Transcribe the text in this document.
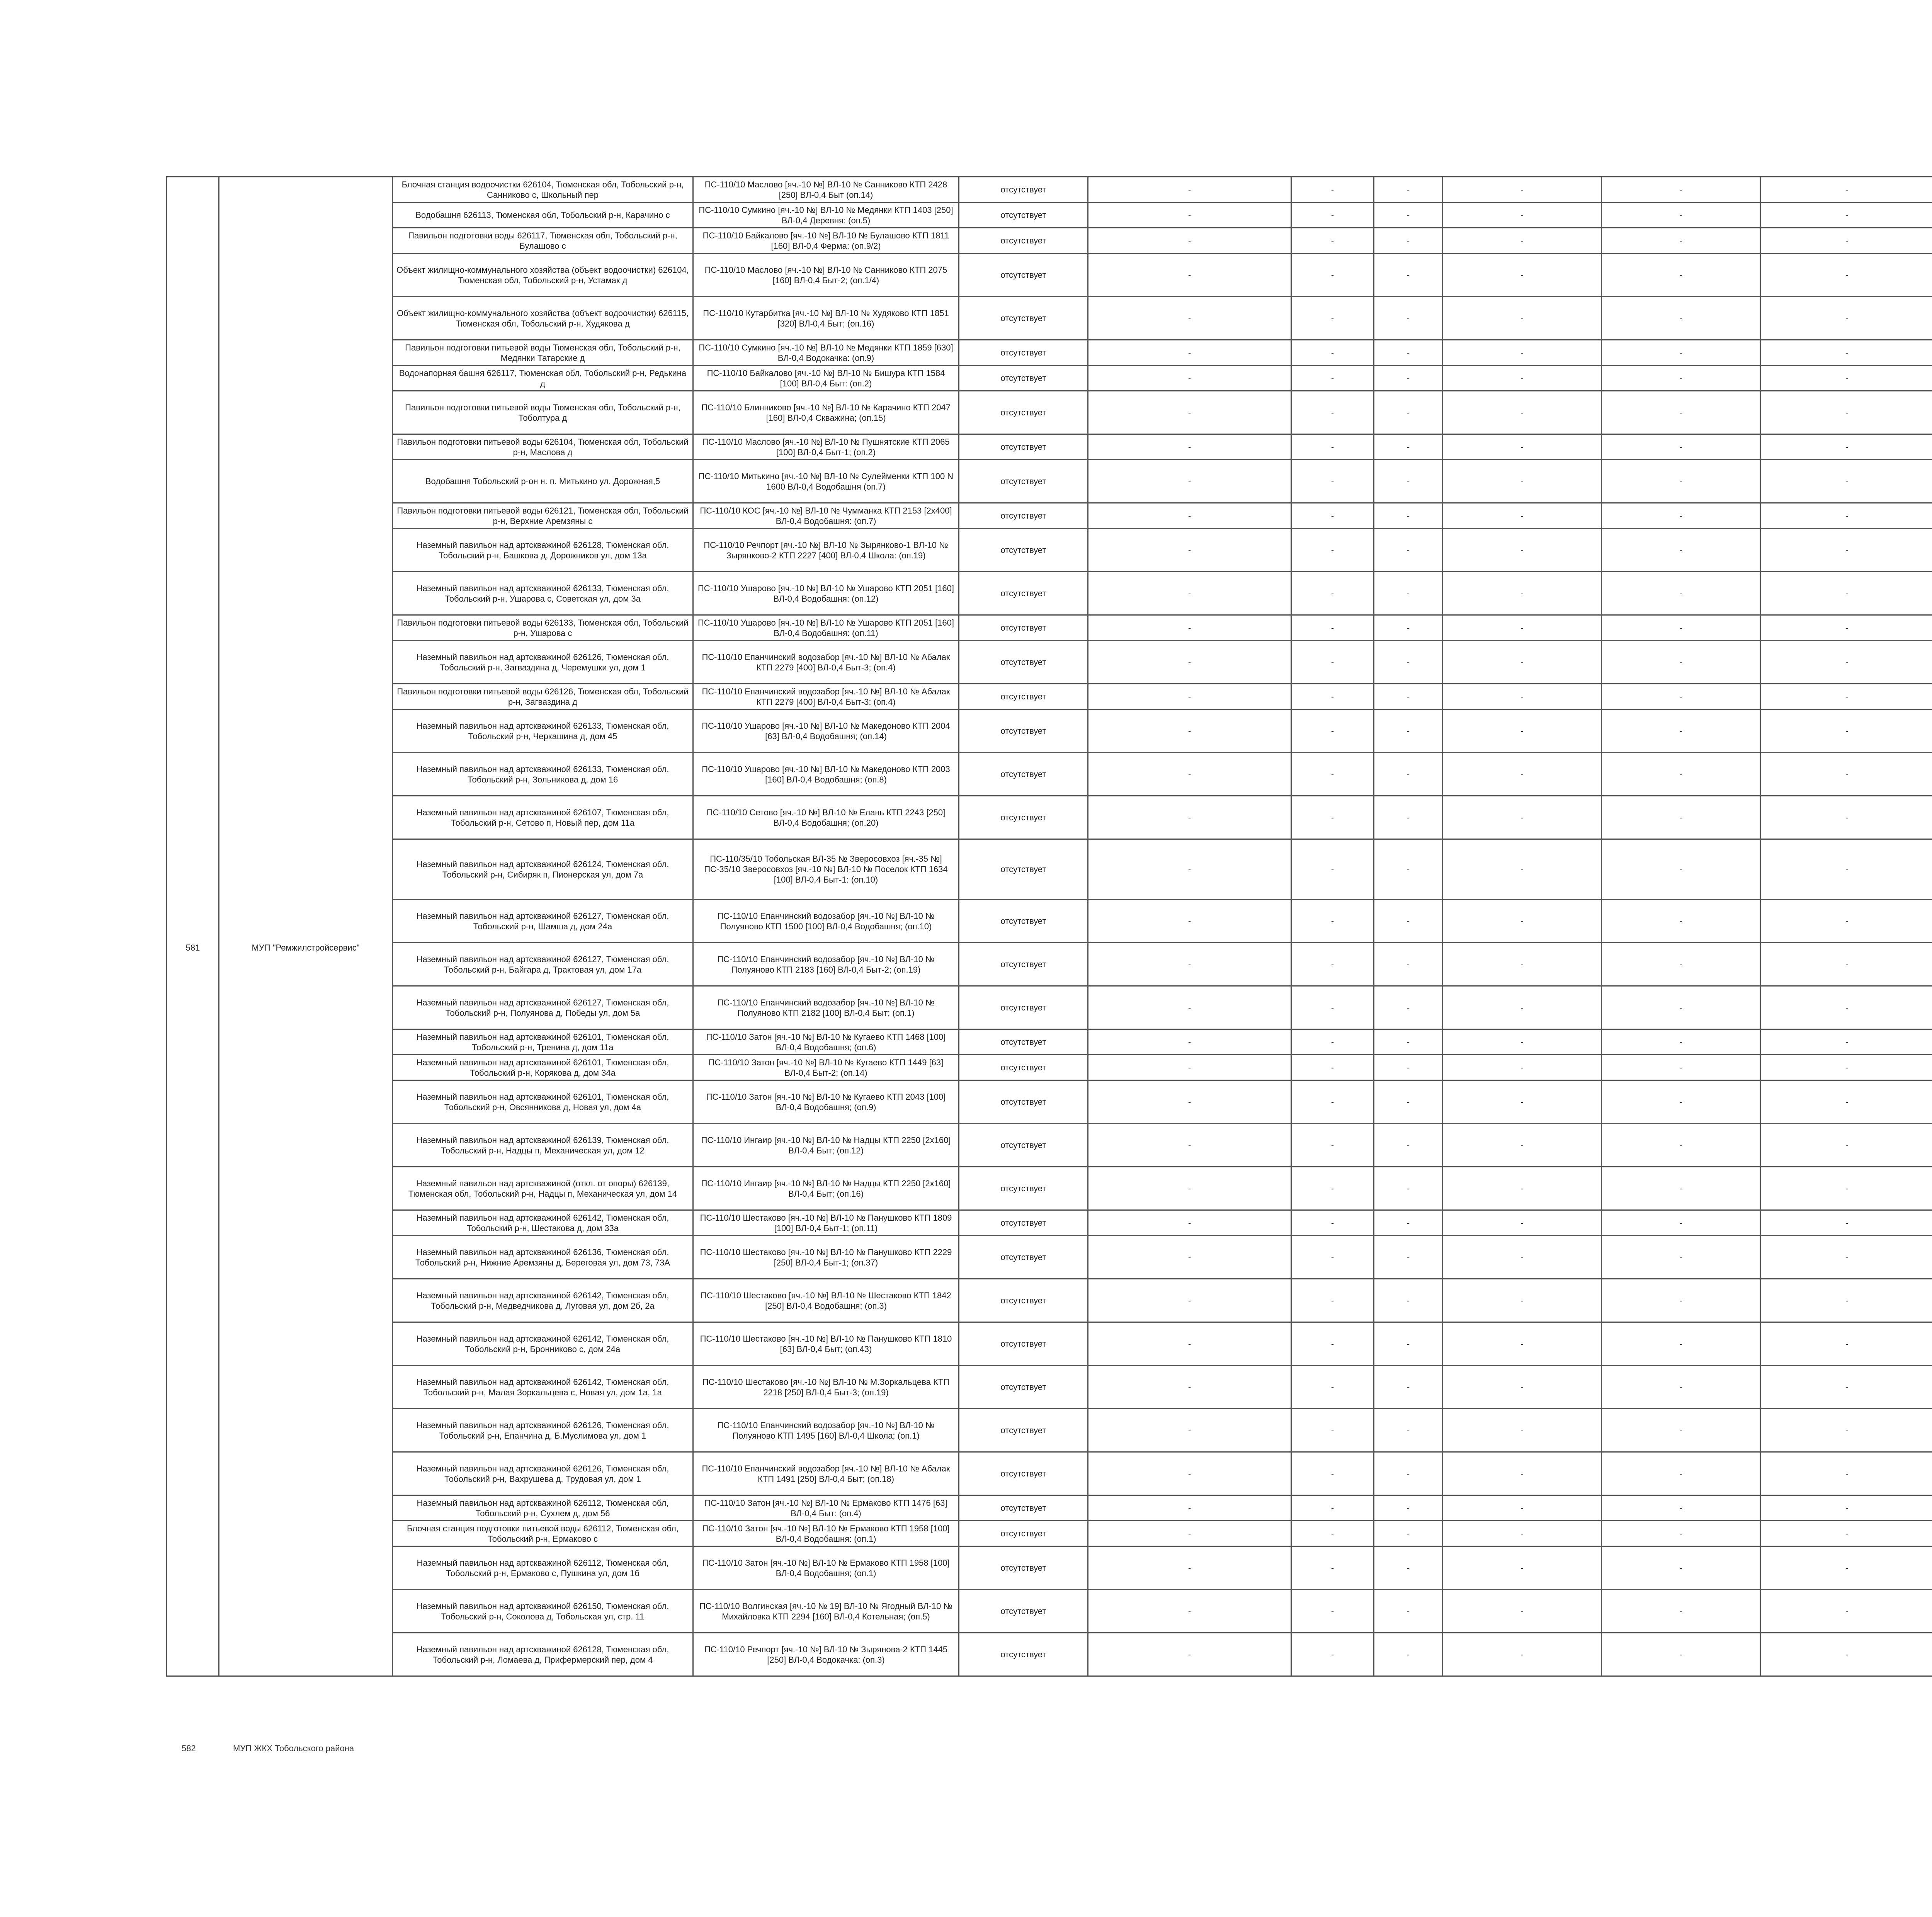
581	МУП "Ремжилстройсервис"	Блочная станция водоочистки 626104, Тюменская обл, Тобольский р-н, Санниково с, Школьный пер	ПС-110/10 Маслово [яч.-10 №] ВЛ-10 № Санниково КТП 2428 [250] ВЛ-0,4 Быт (оп.14)	отсутствует	-	-	-	-	-	-
		Водобашня 626113, Тюменская обл, Тобольский р-н, Карачино с	ПС-110/10 Сумкино [яч.-10 №] ВЛ-10 № Медянки КТП 1403 [250] ВЛ-0,4 Деревня: (оп.5)	отсутствует	-	-	-	-	-	-
		Павильон подготовки воды 626117, Тюменская обл, Тобольский р-н, Булашово с	ПС-110/10 Байкалово [яч.-10 №] ВЛ-10 № Булашово КТП 1811 [160] ВЛ-0,4 Ферма: (оп.9/2)	отсутствует	-	-	-	-	-	-
		Объект жилищно-коммунального хозяйства (объект водоочистки) 626104, Тюменская обл, Тобольский р-н, Устамак д	ПС-110/10 Маслово [яч.-10 №] ВЛ-10 № Санниково КТП 2075 [160] ВЛ-0,4 Быт-2; (оп.1/4)	отсутствует	-	-	-	-	-	-
		Объект жилищно-коммунального хозяйства (объект водоочистки) 626115, Тюменская обл, Тобольский р-н, Худякова д	ПС-110/10 Кутарбитка [яч.-10 №] ВЛ-10 № Худяково КТП 1851 [320] ВЛ-0,4 Быт; (оп.16)	отсутствует	-	-	-	-	-	-
		Павильон подготовки питьевой воды Тюменская обл, Тобольский р-н, Медянки Татарские д	ПС-110/10 Сумкино [яч.-10 №] ВЛ-10 № Медянки КТП 1859 [630] ВЛ-0,4 Водокачка: (оп.9)	отсутствует	-	-	-	-	-	-
		Водонапорная башня 626117, Тюменская обл, Тобольский р-н, Редькина д	ПС-110/10 Байкалово [яч.-10 №] ВЛ-10 № Бишура КТП 1584 [100] ВЛ-0,4 Быт: (оп.2)	отсутствует	-	-	-	-	-	-
		Павильон подготовки питьевой воды Тюменская обл, Тобольский р-н, Тоболтура д	ПС-110/10 Блинниково [яч.-10 №] ВЛ-10 № Карачино КТП 2047 [160] ВЛ-0,4 Скважина; (оп.15)	отсутствует	-	-	-	-	-	-
		Павильон подготовки питьевой воды 626104, Тюменская обл, Тобольский р-н, Маслова д	ПС-110/10 Маслово [яч.-10 №] ВЛ-10 № Пушнятские КТП 2065 [100] ВЛ-0,4 Быт-1; (оп.2)	отсутствует	-	-	-	-	-	-
		Водобашня Тобольский р-он н. п. Митькино ул. Дорожная,5	ПС-110/10 Митькино [яч.-10 №] ВЛ-10 № Сулейменки КТП 100 N 1600 ВЛ-0,4 Водобашня (оп.7)	отсутствует	-	-	-	-	-	-
		Павильон подготовки питьевой воды 626121, Тюменская обл, Тобольский р-н, Верхние Аремзяны с	ПС-110/10 КОС [яч.-10 №] ВЛ-10 № Чумманка КТП 2153 [2х400] ВЛ-0,4 Водобашня: (оп.7)	отсутствует	-	-	-	-	-	-
		Наземный павильон над артскважиной 626128, Тюменская обл, Тобольский р-н, Башкова д, Дорожников ул, дом 13а	ПС-110/10 Речпорт [яч.-10 №] ВЛ-10 № Зырянково-1 ВЛ-10 № Зырянково-2 КТП 2227 [400] ВЛ-0,4 Школа: (оп.19)	отсутствует	-	-	-	-	-	-
		Наземный павильон над артскважиной 626133, Тюменская обл, Тобольский р-н, Ушарова с, Советская ул, дом 3а	ПС-110/10 Ушарово [яч.-10 №] ВЛ-10 № Ушарово КТП 2051 [160] ВЛ-0,4 Водобашня: (оп.12)	отсутствует	-	-	-	-	-	-
		Павильон подготовки питьевой воды 626133, Тюменская обл, Тобольский р-н, Ушарова с	ПС-110/10 Ушарово [яч.-10 №] ВЛ-10 № Ушарово КТП 2051 [160] ВЛ-0,4 Водобашня: (оп.11)	отсутствует	-	-	-	-	-	-
		Наземный павильон над артскважиной 626126, Тюменская обл, Тобольский р-н, Загваздина д, Черемушки ул, дом 1	ПС-110/10 Епанчинский водозабор [яч.-10 №] ВЛ-10 № Абалак КТП 2279 [400] ВЛ-0,4 Быт-3; (оп.4)	отсутствует	-	-	-	-	-	-
		Павильон подготовки питьевой воды 626126, Тюменская обл, Тобольский р-н, Загваздина д	ПС-110/10 Епанчинский водозабор [яч.-10 №] ВЛ-10 № Абалак КТП 2279 [400] ВЛ-0,4 Быт-3; (оп.4)	отсутствует	-	-	-	-	-	-
		Наземный павильон над артскважиной 626133, Тюменская обл, Тобольский р-н, Черкашина д, дом 45	ПС-110/10 Ушарово [яч.-10 №] ВЛ-10 № Македоново КТП 2004 [63] ВЛ-0,4 Водобашня; (оп.14)	отсутствует	-	-	-	-	-	-
		Наземный павильон над артскважиной 626133, Тюменская обл, Тобольский р-н, Зольникова д, дом 16	ПС-110/10 Ушарово [яч.-10 №] ВЛ-10 № Македоново КТП 2003 [160] ВЛ-0,4 Водобашня; (оп.8)	отсутствует	-	-	-	-	-	-
		Наземный павильон над артскважиной 626107, Тюменская обл, Тобольский р-н, Сетово п, Новый пер, дом 11а	ПС-110/10 Сетово [яч.-10 №] ВЛ-10 № Елань КТП 2243 [250] ВЛ-0,4 Водобашня; (оп.20)	отсутствует	-	-	-	-	-	-
		Наземный павильон над артскважиной 626124, Тюменская обл, Тобольский р-н, Сибиряк п, Пионерская ул, дом 7а	ПС-110/35/10 Тобольская ВЛ-35 № Зверосовхоз [яч.-35 №] ПС-35/10 Зверосовхоз [яч.-10 №] ВЛ-10 № Поселок КТП 1634 [100] ВЛ-0,4 Быт-1: (оп.10)	отсутствует	-	-	-	-	-	-
		Наземный павильон над артскважиной 626127, Тюменская обл, Тобольский р-н, Шамша д, дом 24а	ПС-110/10 Епанчинский водозабор [яч.-10 №] ВЛ-10 № Полуяново КТП 1500 [100] ВЛ-0,4 Водобашня; (оп.10)	отсутствует	-	-	-	-	-	-
		Наземный павильон над артскважиной 626127, Тюменская обл, Тобольский р-н, Байгара д, Трактовая ул, дом 17а	ПС-110/10 Епанчинский водозабор [яч.-10 №] ВЛ-10 № Полуяново КТП 2183 [160] ВЛ-0,4 Быт-2; (оп.19)	отсутствует	-	-	-	-	-	-
		Наземный павильон над артскважиной 626127, Тюменская обл, Тобольский р-н, Полуянова д, Победы ул, дом 5а	ПС-110/10 Епанчинский водозабор [яч.-10 №] ВЛ-10 № Полуяново КТП 2182 [100] ВЛ-0,4 Быт; (оп.1)	отсутствует	-	-	-	-	-	-
		Наземный павильон над артскважиной 626101, Тюменская обл, Тобольский р-н, Тренина д, дом 11а	ПС-110/10 Затон [яч.-10 №] ВЛ-10 № Кугаево КТП 1468 [100] ВЛ-0,4 Водобашня; (оп.6)	отсутствует	-	-	-	-	-	-
		Наземный павильон над артскважиной 626101, Тюменская обл, Тобольский р-н, Корякова д, дом 34а	ПС-110/10 Затон [яч.-10 №] ВЛ-10 № Кугаево КТП 1449 [63] ВЛ-0,4 Быт-2; (оп.14)	отсутствует	-	-	-	-	-	-
		Наземный павильон над артскважиной 626101, Тюменская обл, Тобольский р-н, Овсянникова д, Новая ул, дом 4а	ПС-110/10 Затон [яч.-10 №] ВЛ-10 № Кугаево КТП 2043 [100] ВЛ-0,4 Водобашня; (оп.9)	отсутствует	-	-	-	-	-	-
		Наземный павильон над артскважиной 626139, Тюменская обл, Тобольский р-н, Надцы п, Механическая ул, дом 12	ПС-110/10 Ингаир [яч.-10 №] ВЛ-10 № Надцы КТП 2250 [2х160] ВЛ-0,4 Быт; (оп.12)	отсутствует	-	-	-	-	-	-
		Наземный павильон над артскважиной (откл. от опоры) 626139, Тюменская обл, Тобольский р-н, Надцы п, Механическая ул, дом 14	ПС-110/10 Ингаир [яч.-10 №] ВЛ-10 № Надцы КТП 2250 [2х160] ВЛ-0,4 Быт; (оп.16)	отсутствует	-	-	-	-	-	-
		Наземный павильон над артскважиной 626142, Тюменская обл, Тобольский р-н, Шестакова д, дом 33а	ПС-110/10 Шестаково [яч.-10 №] ВЛ-10 № Панушково КТП 1809 [100] ВЛ-0,4 Быт-1; (оп.11)	отсутствует	-	-	-	-	-	-
		Наземный павильон над артскважиной 626136, Тюменская обл, Тобольский р-н, Нижние Аремзяны д, Береговая ул, дом 73, 73А	ПС-110/10 Шестаково [яч.-10 №] ВЛ-10 № Панушково КТП 2229 [250] ВЛ-0,4 Быт-1; (оп.37)	отсутствует	-	-	-	-	-	-
		Наземный павильон над артскважиной 626142, Тюменская обл, Тобольский р-н, Медведчикова д, Луговая ул, дом 2б, 2а	ПС-110/10 Шестаково [яч.-10 №] ВЛ-10 № Шестаково КТП 1842 [250] ВЛ-0,4 Водобашня; (оп.3)	отсутствует	-	-	-	-	-	-
		Наземный павильон над артскважиной 626142, Тюменская обл, Тобольский р-н, Бронниково с, дом 24а	ПС-110/10 Шестаково [яч.-10 №] ВЛ-10 № Панушково КТП 1810 [63] ВЛ-0,4 Быт; (оп.43)	отсутствует	-	-	-	-	-	-
		Наземный павильон над артскважиной 626142, Тюменская обл, Тобольский р-н, Малая Зоркальцева с, Новая ул, дом 1а, 1а	ПС-110/10 Шестаково [яч.-10 №] ВЛ-10 № М.Зоркальцева КТП 2218 [250] ВЛ-0,4 Быт-3; (оп.19)	отсутствует	-	-	-	-	-	-
		Наземный павильон над артскважиной 626126, Тюменская обл, Тобольский р-н, Епанчина д, Б.Муслимова ул, дом 1	ПС-110/10 Епанчинский водозабор [яч.-10 №] ВЛ-10 № Полуяново КТП 1495 [160] ВЛ-0,4 Школа; (оп.1)	отсутствует	-	-	-	-	-	-
		Наземный павильон над артскважиной 626126, Тюменская обл, Тобольский р-н, Вахрушева д, Трудовая ул, дом 1	ПС-110/10 Епанчинский водозабор [яч.-10 №] ВЛ-10 № Абалак КТП 1491 [250] ВЛ-0,4 Быт; (оп.18)	отсутствует	-	-	-	-	-	-
		Наземный павильон над артскважиной 626112, Тюменская обл, Тобольский р-н, Сухлем д, дом 56	ПС-110/10 Затон [яч.-10 №] ВЛ-10 № Ермаково КТП 1476 [63] ВЛ-0,4 Быт: (оп.4)	отсутствует	-	-	-	-	-	-
		Блочная станция подготовки питьевой воды 626112, Тюменская обл, Тобольский р-н, Ермаково с	ПС-110/10 Затон [яч.-10 №] ВЛ-10 № Ермаково КТП 1958 [100] ВЛ-0,4 Водобашня: (оп.1)	отсутствует	-	-	-	-	-	-
		Наземный павильон над артскважиной 626112, Тюменская обл, Тобольский р-н, Ермаково с, Пушкина ул, дом 1б	ПС-110/10 Затон [яч.-10 №] ВЛ-10 № Ермаково КТП 1958 [100] ВЛ-0,4 Водобашня; (оп.1)	отсутствует	-	-	-	-	-	-
		Наземный павильон над артскважиной 626150, Тюменская обл, Тобольский р-н, Соколова д, Тобольская ул, стр. 11	ПС-110/10 Волгинская [яч.-10 № 19] ВЛ-10 № Ягодный ВЛ-10 № Михайловка КТП 2294 [160] ВЛ-0,4 Котельная; (оп.5)	отсутствует	-	-	-	-	-	-
		Наземный павильон над артскважиной 626128, Тюменская обл, Тобольский р-н, Ломаева д, Прифермерский пер, дом 4	ПС-110/10 Речпорт [яч.-10 №] ВЛ-10 № Зырянова-2 КТП 1445 [250] ВЛ-0,4 Водокачка: (оп.3)	отсутствует	-	-	-	-	-	-
582	МУП ЖКХ Тобольского района
